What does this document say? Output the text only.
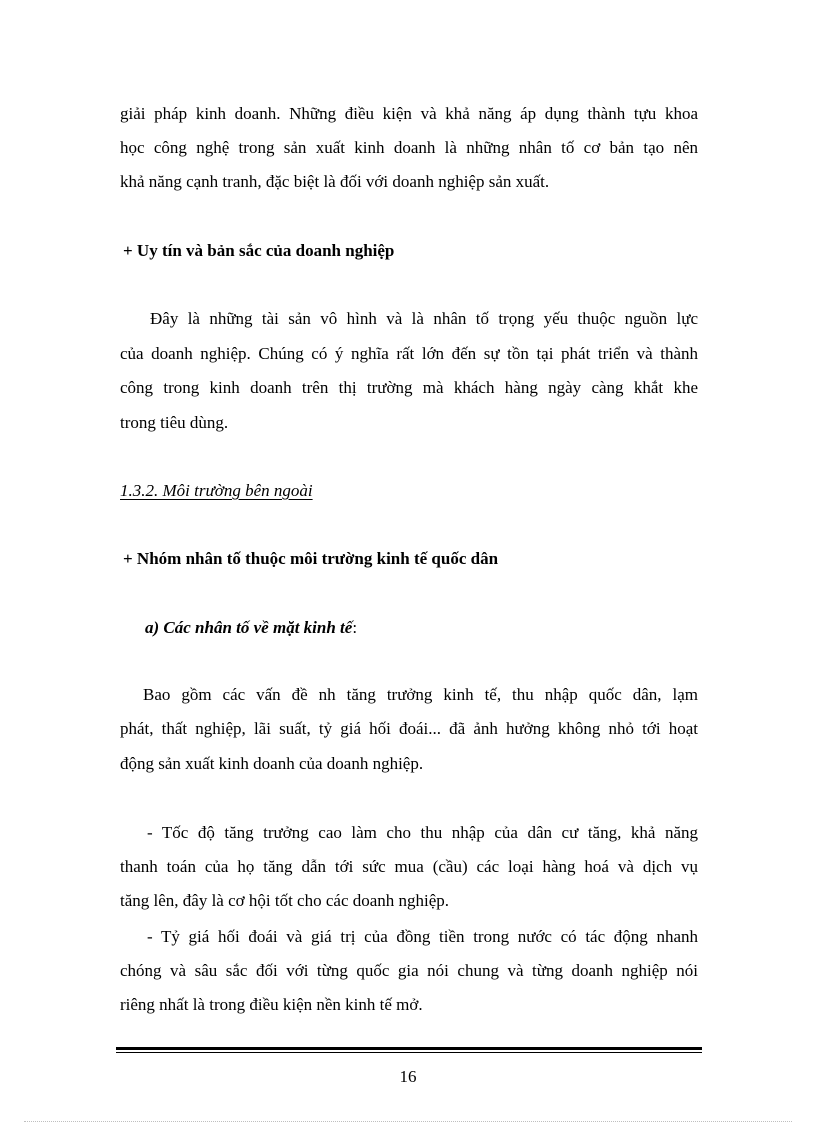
giải pháp kinh doanh. Những điều kiện và khả năng áp dụng thành tựu khoa
học công nghệ trong sản xuất kinh doanh là những nhân tố cơ bản tạo nên
khả năng cạnh tranh, đặc biệt là đối với doanh nghiệp sản xuất.
+ Uy tín và bản sắc của doanh nghiệp
Đây là những tài sản vô hình và là nhân tố trọng yếu thuộc nguồn lực
của doanh nghiệp. Chúng có ý nghĩa rất lớn đến sự tồn tại phát triển và thành
công trong kinh doanh trên thị trường mà khách hàng ngày càng khắt khe
trong tiêu dùng.
1.3.2. Môi trường bên ngoài
+ Nhóm nhân tố thuộc môi trường kinh tế quốc dân
a) Các nhân tố về mặt kinh tế:
Bao gồm các vấn đề nh tăng trưởng kinh tế, thu nhập quốc dân, lạm
phát, thất nghiệp, lãi suất, tỷ giá hối đoái... đã ảnh hưởng không nhỏ tới hoạt
động sản xuất kinh doanh của doanh nghiệp.
- Tốc độ tăng trưởng cao làm cho thu nhập của dân cư tăng, khả năng
thanh toán của họ tăng dẫn tới sức mua (cầu) các loại hàng hoá và dịch vụ
tăng lên, đây là cơ hội tốt cho các doanh nghiệp.
- Tỷ giá hối đoái và giá trị của đồng tiền trong nước có tác động nhanh
chóng và sâu sắc đối với từng quốc gia nói chung và từng doanh nghiệp nói
riêng nhất là trong điều kiện nền kinh tế mở.
16
